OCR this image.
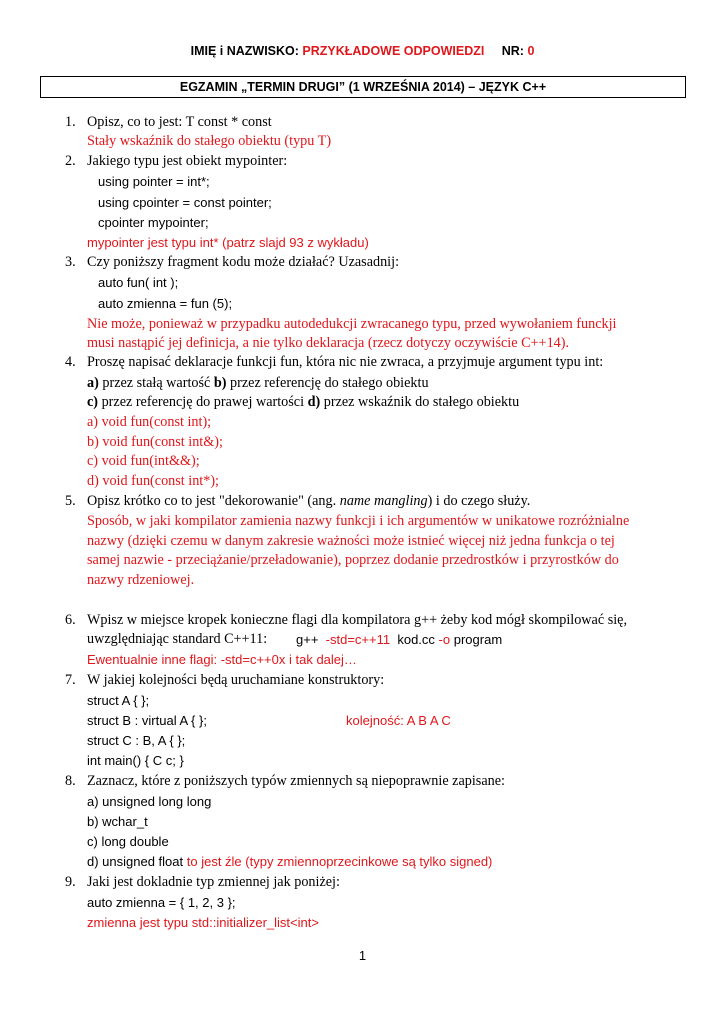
IMIĘ i NAZWISKO: PRZYKŁADOWE ODPOWIEDZI NR: 0
EGZAMIN „TERMIN DRUGI” (1 WRZEŚNIA 2014) – JĘZYK C++
1. Opisz, co to jest: T const * const
Stały wskaźnik do stałego obiektu (typu T)
2. Jakiego typu jest obiekt mypointer:
using pointer = int*;
using cpointer = const pointer;
cpointer mypointer;
mypointer jest typu int* (patrz slajd 93 z wykładu)
3. Czy poniższy fragment kodu może działać? Uzasadnij:
auto fun( int );
auto zmienna = fun (5);
Nie może, ponieważ w przypadku autodedukcji zwracanego typu, przed wywołaniem funckji
musi nastąpić jej definicja, a nie tylko deklaracja (rzecz dotyczy oczywiście C++14).
4. Proszę napisać deklaracje funkcji fun, która nic nie zwraca, a przyjmuje argument typu int:
a) przez stałą wartość b) przez referencję do stałego obiektu
c) przez referencję do prawej wartości d) przez wskaźnik do stałego obiektu
a) void fun(const int);
b) void fun(const int&);
c) void fun(int&&);
d) void fun(const int*);
5. Opisz krótko co to jest "dekorowanie" (ang. name mangling) i do czego służy.
Sposób, w jaki kompilator zamienia nazwy funkcji i ich argumentów w unikatowe rozróżnialne
nazwy (dzięki czemu w danym zakresie ważności może istnieć więcej niż jedna funkcja o tej
samej nazwie - przeciążanie/przeładowanie), poprzez dodanie przedrostków i przyrostków do
nazwy rdzeniowej.
6. Wpisz w miejsce kropek konieczne flagi dla kompilatora g++ żeby kod mógł skompilować się,
uwzględniając standard C++11: g++ -std=c++11 kod.cc -o program
Ewentualnie inne flagi: -std=c++0x i tak dalej…
7. W jakiej kolejności będą uruchamiane konstruktory:
struct A { };
struct B : virtual A { };	kolejność: A B A C
struct C : B, A { };
int main() { C c; }
8. Zaznacz, które z poniższych typów zmiennych są niepoprawnie zapisane:
a) unsigned long long
b) wchar_t
c) long double
d) unsigned float to jest źle (typy zmiennoprzecinkowe są tylko signed)
9. Jaki jest dokladnie typ zmiennej jak poniżej:
auto zmienna = { 1, 2, 3 };
zmienna jest typu std::initializer_list<int>
1
